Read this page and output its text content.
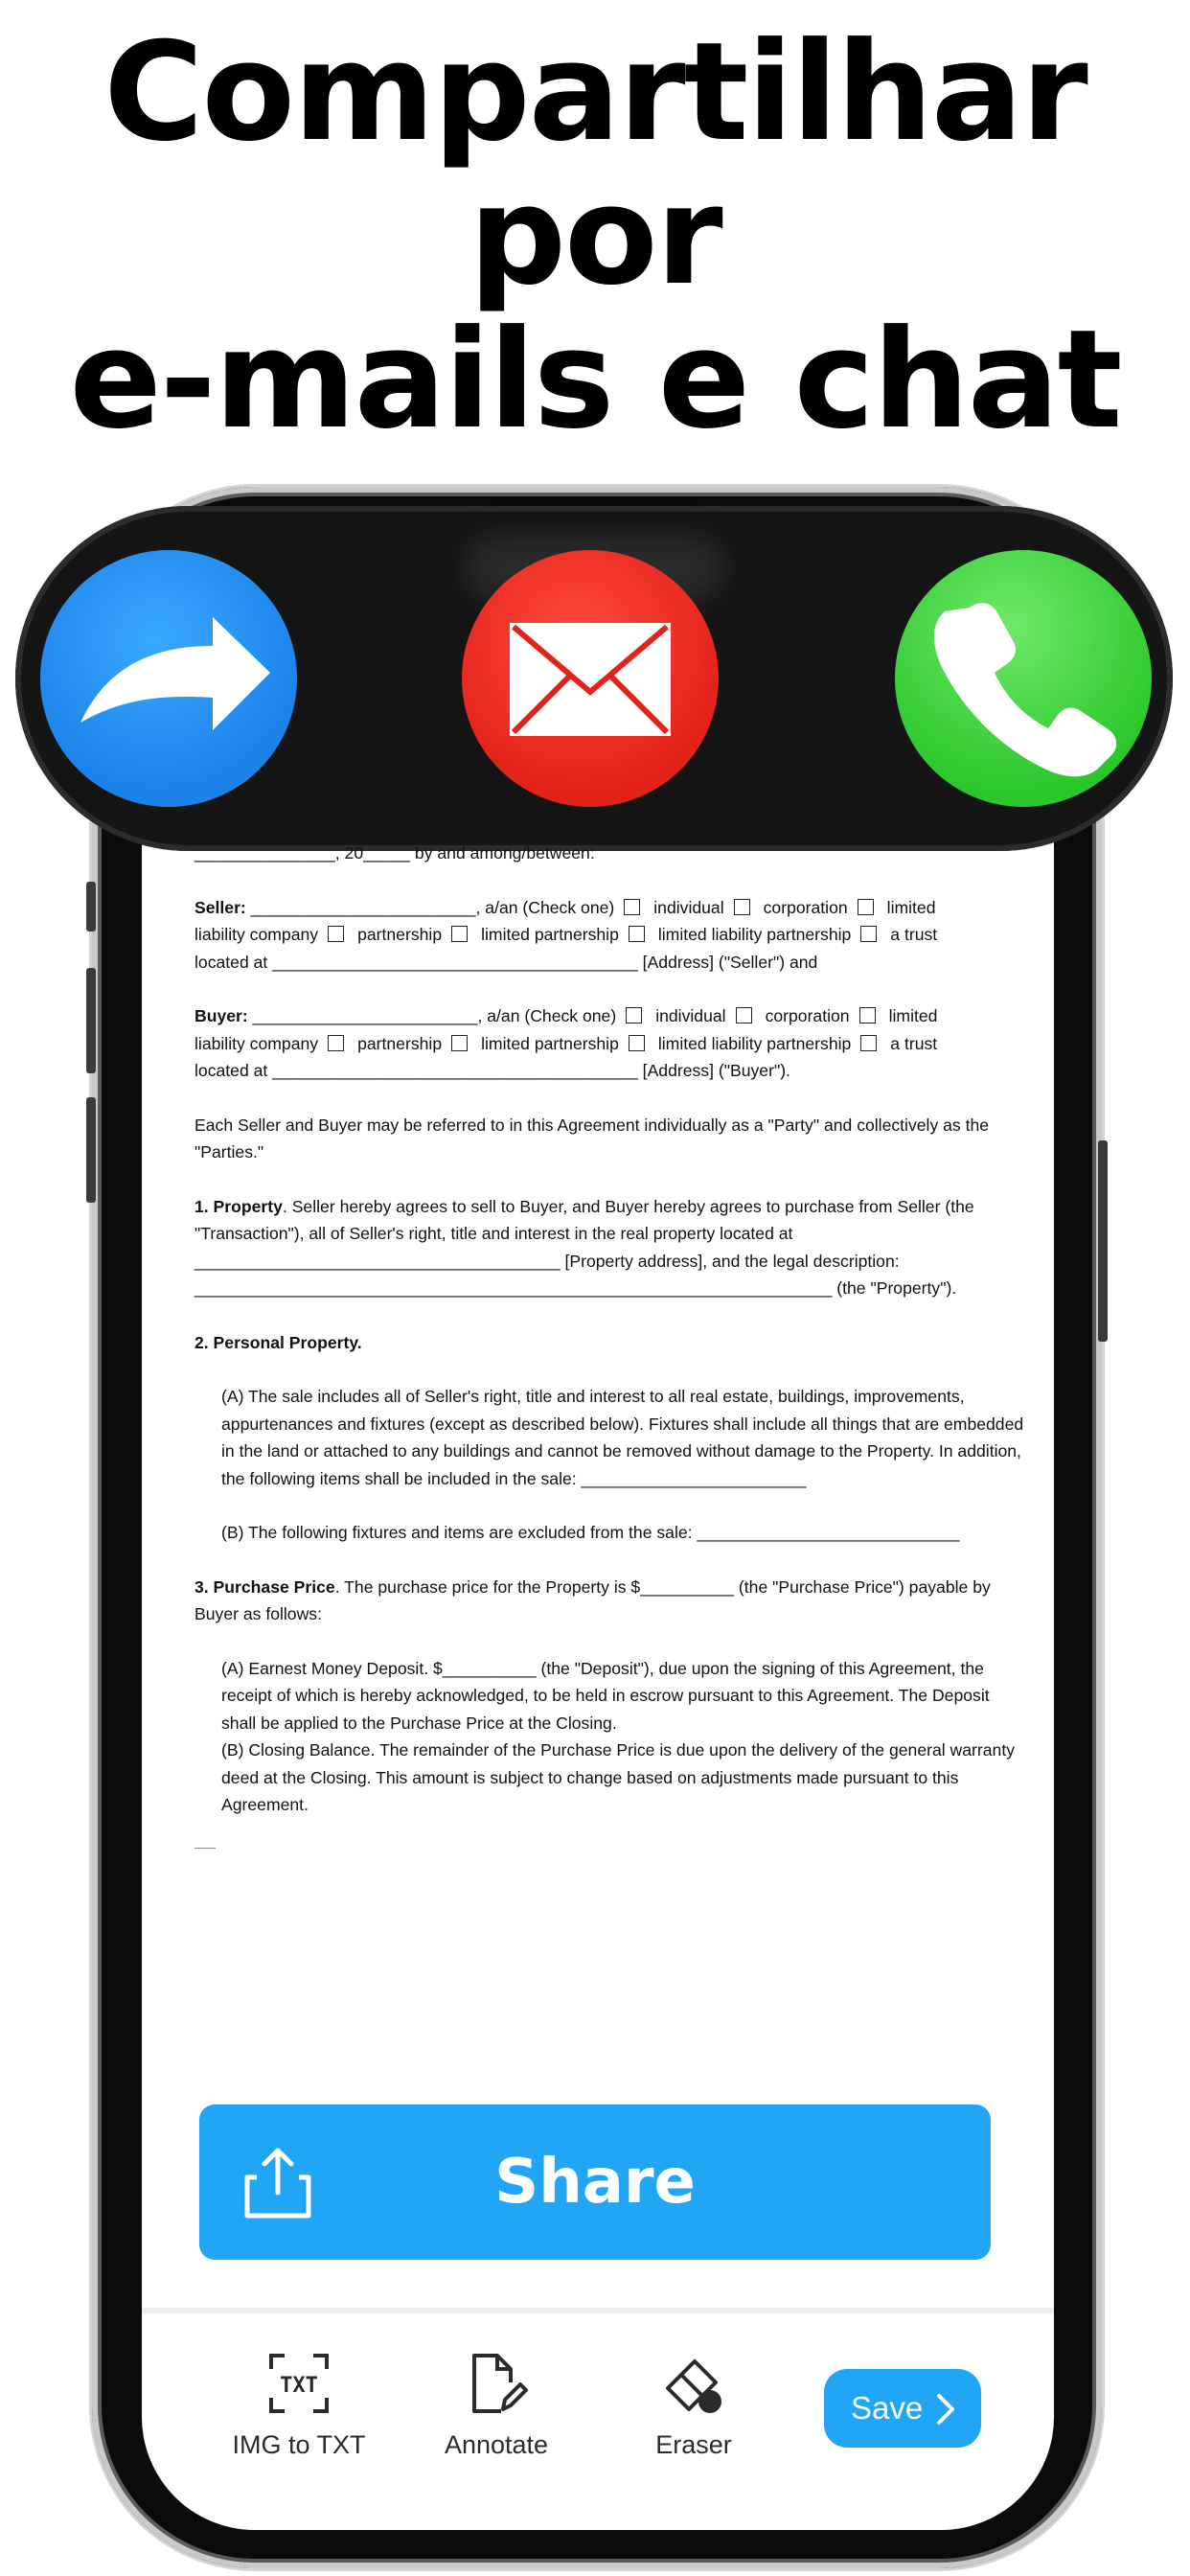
Compartilhar
por
e-mails e chat

_______________, 20_____ by and among/between:

Seller: ________________________, a/an (Check one) individual corporation limited
liability company partnership limited partnership limited liability partnership a trust
located at _______________________________________ [Address] ("Seller") and

Buyer: ________________________, a/an (Check one) individual corporation limited
liability company partnership limited partnership limited liability partnership a trust
located at _______________________________________ [Address] ("Buyer").

Each Seller and Buyer may be referred to in this Agreement individually as a "Party" and collectively as the "Parties."

1. Property. Seller hereby agrees to sell to Buyer, and Buyer hereby agrees to purchase from Seller (the "Transaction"), all of Seller's right, title and interest in the real property located at _______________________________________ [Property address], and the legal description: ____________________________________________________________________ (the "Property").

2. Personal Property.

(A) The sale includes all of Seller's right, title and interest to all real estate, buildings, improvements, appurtenances and fixtures (except as described below). Fixtures shall include all things that are embedded in the land or attached to any buildings and cannot be removed without damage to the Property. In addition, the following items shall be included in the sale: ________________________

(B) The following fixtures and items are excluded from the sale: ____________________________

3. Purchase Price. The purchase price for the Property is $__________ (the "Purchase Price") payable by Buyer as follows:

(A) Earnest Money Deposit. $__________ (the "Deposit"), due upon the signing of this Agreement, the receipt of which is hereby acknowledged, to be held in escrow pursuant to this Agreement. The Deposit shall be applied to the Purchase Price at the Closing.

(B) Closing Balance. The remainder of the Purchase Price is due upon the delivery of the general warranty deed at the Closing. This amount is subject to change based on adjustments made pursuant to this Agreement.

Share
TXT
IMG to TXT	Annotate	Eraser
Save
